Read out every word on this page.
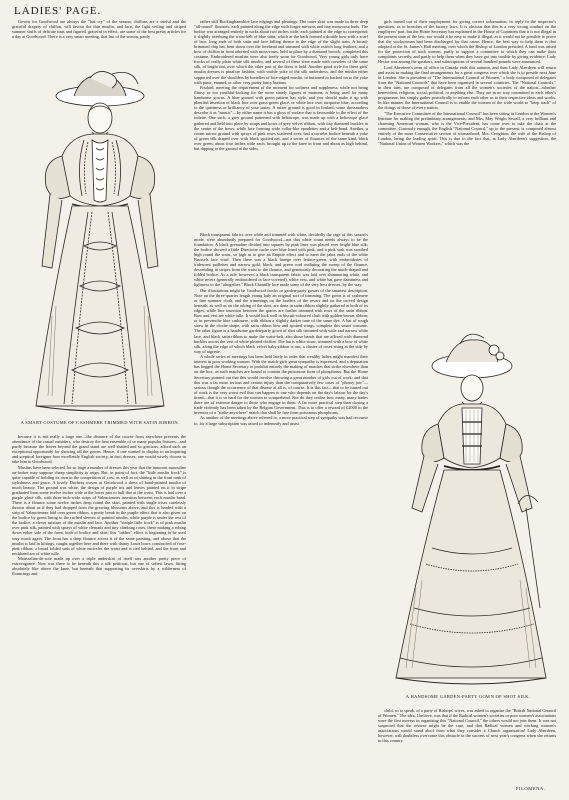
LADIES' PAGE.

Gowns for Goodwood are always the "last cry" of the season; chiffons are a useful and the graceful drapery of chiffon, will favour the thin muslin, and lace, the light veiling and striped summer stuffs of delicate tints and figured, graceful in effect, are some of the best pretty articles for a day at Goodwood. There is a very smart meeting, that last of the season, partly

A SMART COSTUME OF CASHMERE TRIMMED WITH SATIN RIBBON.

because it is not really a large one—the distance of the course from anywhere prevents the attendance of the casual outsiders, who destroy the best ensemble of so many popular fixtures—and partly because the leaves beyond the grand stand are well shaded and so gracious, afford such an exceptional opportunity for showing off the gowns. Hence, if one wanted to display to an inquiring and sceptical foreigner how excellently English society, in fact, dresses, one would wisely choose to take him to Goodwood.

Muslins have been selected for so large a number of dresses this year that the innocent masculine on-looker may suppose cheap simplicity to reign. But, in point of fact, the "little muslin frock" is quite capable of holding its own in the competition of cost, as well as of shining in the front rank of stylishness and grace. A lovely Duchess woven at Goodwood a dress of hand-painted muslin of much beauty. The ground was white, the design of purple iris and leaves painted on it in stripe graduated from some twelve inches wide at the lower part to half that at the waist. This is laid over a purple glacé silk, with three-inch-wide strips of Valenciennes insertion between each muslin band. There is a flounce some twelve inches deep round the skirt, painted with single irises carelessly thrown about as if they had dropped from the growing blossoms above, and this is headed with a strip of Valenciennes laid over green ribbon, a pretty break in the purple effect that is also given on the bodice by green lining to the ruched sleeves of painted muslin, while purple is under the rest of the bodice, a clever mixture of the muslin and lace. Another "simple little frock" is of pink muslin over pink silk, painted with sprays of white clematis and tiny climbing roses, these making a robing down either side of the front, both of bodice and skirt; this "tablier" effect is beginning to be used very much again. The front has a deep flounce across it of the same painting, and above that the muslin is laid in kiltings, caught together here and there with dainty Louis bows constructed of rose-pink ribbon; a broad folded sash of white encircles the waist and is tied behind, and the front and neckband are of white tulle.

Mousseline-de-soie made up over a triple underskirt of itself was another pretty piece of extravagance. Now was there to be beneath this a silk petticoat, but one of softest lawn, fitting absolutely like above the knee, but beneath that supporting its overskirts by a wilderness of flouncings and

rather stiff Buckinghamshire lace edgings and pleatings. The outer skirt was made in three deep "all-round" flounces, each painted along the edge with forget-me-nots and tiny moss-rose buds. The bodice was arranged entirely in tucks about two inches wide, each painted at the edge to correspond; it slightly overhung the waist-belt of blue satin, which at the back formed a double bow with a scarf of lace, long ends of both satin and lace falling thence to the edge of the slight train. A broad-brimmed chip hat, bent down over the forehead and trimmed with white ostrich long feathers, and a bow of chiffon in front adorned with moss-roses, held in place by a diamond brooch, completed this costume. Embroidered muslins were also freely worn for Goodwood. Very young girls only have frocks of really plain white silk muslin, and several of these were made with corselets of the same silk, of bright tint, over which the other part of the dress is held. Another good style for these girls' muslin dresses is pinafore fashion, with visible yoke of the silk underdress, and the muslin either supported over the shoulders by bretelles of lace-edged muslin, or buttoned or backed on to the yoke with paste, enamel, or other very pretty fancy buttons.

Foulard, meeting the requirement of the moment for softness and suppleness, while not being flimsy or too youthful-looking for the more stately figures of matrons, is being used for many handsome gowns. A blue ground with green pattern has style, and you should make it up with plentiful insertion of black lace over grass-green glacé, or white lace over turquoise blue, according to the quietness or brilliancy of your tastes. A mixer ground is good in foulard; some dressmakers describe it as "mastic"—by either name it has a gloss of surface that is favourable to the effect of the toilette. One such, a grey ground patterned with heliotrope, was made up with a heliotrope glacé gathered and held into place by straps and bows of grey velvet ribbon, with tiny diamond buckles in the centre of the bows, while lace forming wide collar-like epaulettes and a belt-band. Another, a cream mirror ground with sprays of pink roses scattered over, had a corselet bodice beneath a yoke of green silk draped over with black spotted net, and a series of flounces of the same kind, black over green, about four inches wide each, brought up to the knee in front and about as high behind, but dipping to the ground at the sides.

Black transparent fabrics over white and trimmed with white, decidedly the rage of this season's mode, were abundantly prepared for Goodwood—not that white count needs always to be the foundation. A black grenadine divided into squares by pink lines was placed over bright blue silk; the bodice showed a little Directoire ruche over blue lined with pink, and a pink sash was swathed high round the waist, so high as to give an Empire effect and to meet the jabot ends of the white Brussels lace scarf. Then there was a black barège over lettuce-green, with embroideries of iridescent paillettes and narrow gold, black, and green cord outlining the sweep of the flounce, descending in stripes from the waist to the flounce, and generously decorating the much-draped and folded bodice. As a rule, however, a black transparent fabric was laid over shimmering white, and white revers (generally embroidered or lace-covered), white vest, and white hat gave daintiness and lightness to the "altogether." Black Chantilly lace made some of the very best dresses, by the way.

Our illustrations might be Goodwood frocks or garden-party gowns of the smartest description. Note on the three-quarter length young lady an original sort of trimming. The gown is of cashmere or fine summer cloth, and the trimmings on the borders of the revers and on the curved design beneath, as well as on the robing of the skirt, are done in satin ribbon slightly gathered at both of its edges, while lace insertion between the spaces are further trimmed with rows of the satin ribbon. Bow and vest are white tulle. It would look well in biscuit-coloured cloth with golden-brown ribbon; or in prevenche blue cashmere, with ribbon a slightly darker tone of the same dye. A hat of rough straw in the cloche shape, with satin ribbon bow and spotted wings, complete this smart costume. The other figure is a handsome garden-party gown of shot silk trimmed with wide and narrow white lace, and black satin ribbon to make the waist-belt, also those bands that are affixed with diamond buckles across the vest of white pleated chiffon. The hat is white straw, trimmed with a bow of white silk, along the edge of which black velvet baby-ribbon is run, a cluster of roses rising at the side by way of aigrette.

A whole series of meetings has been held lately in order that wealthy ladies might manifest their interest in poor working women. With the match-girls great sympathy is expressed, and a deputation has begged the Home Secretary to prohibit entirely the making of matches that strike elsewhere than on the box, as such matches are bound to contain the poisonous form of phosphorus. But the Home Secretary pointed out that this would involve throwing a great number of girls out of work; and that this was a far more serious and certain injury than the comparatively few cases of "phossy jaw"—serious though the occurrence of that disease at all is, of course. It is this fact—that to be turned out of work is the very worst evil that can happen to one who depends on the day's labour for the day's bread—that it is so hard for the women to comprehend. Nor do they realise how many, many trades there are of extreme danger to those who engage in them. A far more practical step than closing a trade violently has been taken by the Belgian Government. This is to offer a reward of £2000 to the inventor of a "strike anywhere" match that shall be free from poisonous phosphorus.

As another of the meetings above referred to, a more practical step of sympathy was had recourse to, for a large subscription was raised to indemnify and assist

girls turned out of their employment for giving correct information, in reply to the inspector's questions, as to breaches of the factory laws. It is obvious that this is a very wrong conduct on the employers' part, but the Home Secretary has explained in the House of Commons that it is not illegal in the present state of the law; nor would it be easy to make it illegal, as it would not be possible to prove that the workwoman had been discharged for that cause. Hence, the best way to help them is that adopted at the St. James's Hall meeting, over which the Bishop of London presided. A fund was raised for the protection of such women, partly to support a committee to which they can make their complaints secretly, and partly to help them when they have got into trouble by giving evidence. Lady Hector was among the speakers, and subscriptions of several hundred pounds were announced.

Lord Aberdeen's term of office in Canada ends this autumn, and then Lady Aberdeen will return and assist in making the final arrangements for a great congress over which she is to preside next June in London. She is president of "The International Council of Women," a body composed of delegates from the "National Councils" that have been organised in several countries. The "National Councils," in their turn, are composed of delegates from all the women's societies of the nation—whether benevolent, religious, social, political, or anything else. They are in no way committed to each other's programme, but simply gather periodically to inform each other as to their respective ideas and works. In like manner the International Council is to enable the women of the wide world to "keep track" of the doings of those of every nation.

"The Executive Committee of the International Council" has been sitting in London at the Women's Institute for making the preliminary arrangements; and Mrs. May Wright Sewall, a very brilliant and charming American woman, who is the Vice-President, has come over to take the chair at the committee. Curiously enough, the English "National Council," up to the present, is composed almost entirely of the more Conservative section of womanhood, Mrs. Creighton, the wife of the Bishop of London, being the leading spirit. This is due to the fact that, at Lady Aberdeen's suggestion, the "National Union of Women Workers," which was the

A HANDSOME GARDEN-PARTY GOWN OF SHOT SILK.

child, so to speak, of a party of Bishops' wives, was asked to organise the "British National Council of Women." The idea, I believe, was that if the Radical women's societies or poor women's associations were the first movers in organising this "National Council," the others would not join them. It was not suspected that the reverse might be the case, and that Radical women and working women's associations would stand aloof from what they consider a Church organisation! Lady Aberdeen, however, will doubtless overcome this obstacle to the success of next year's congress when she returns to this country.

FILOMENA.
